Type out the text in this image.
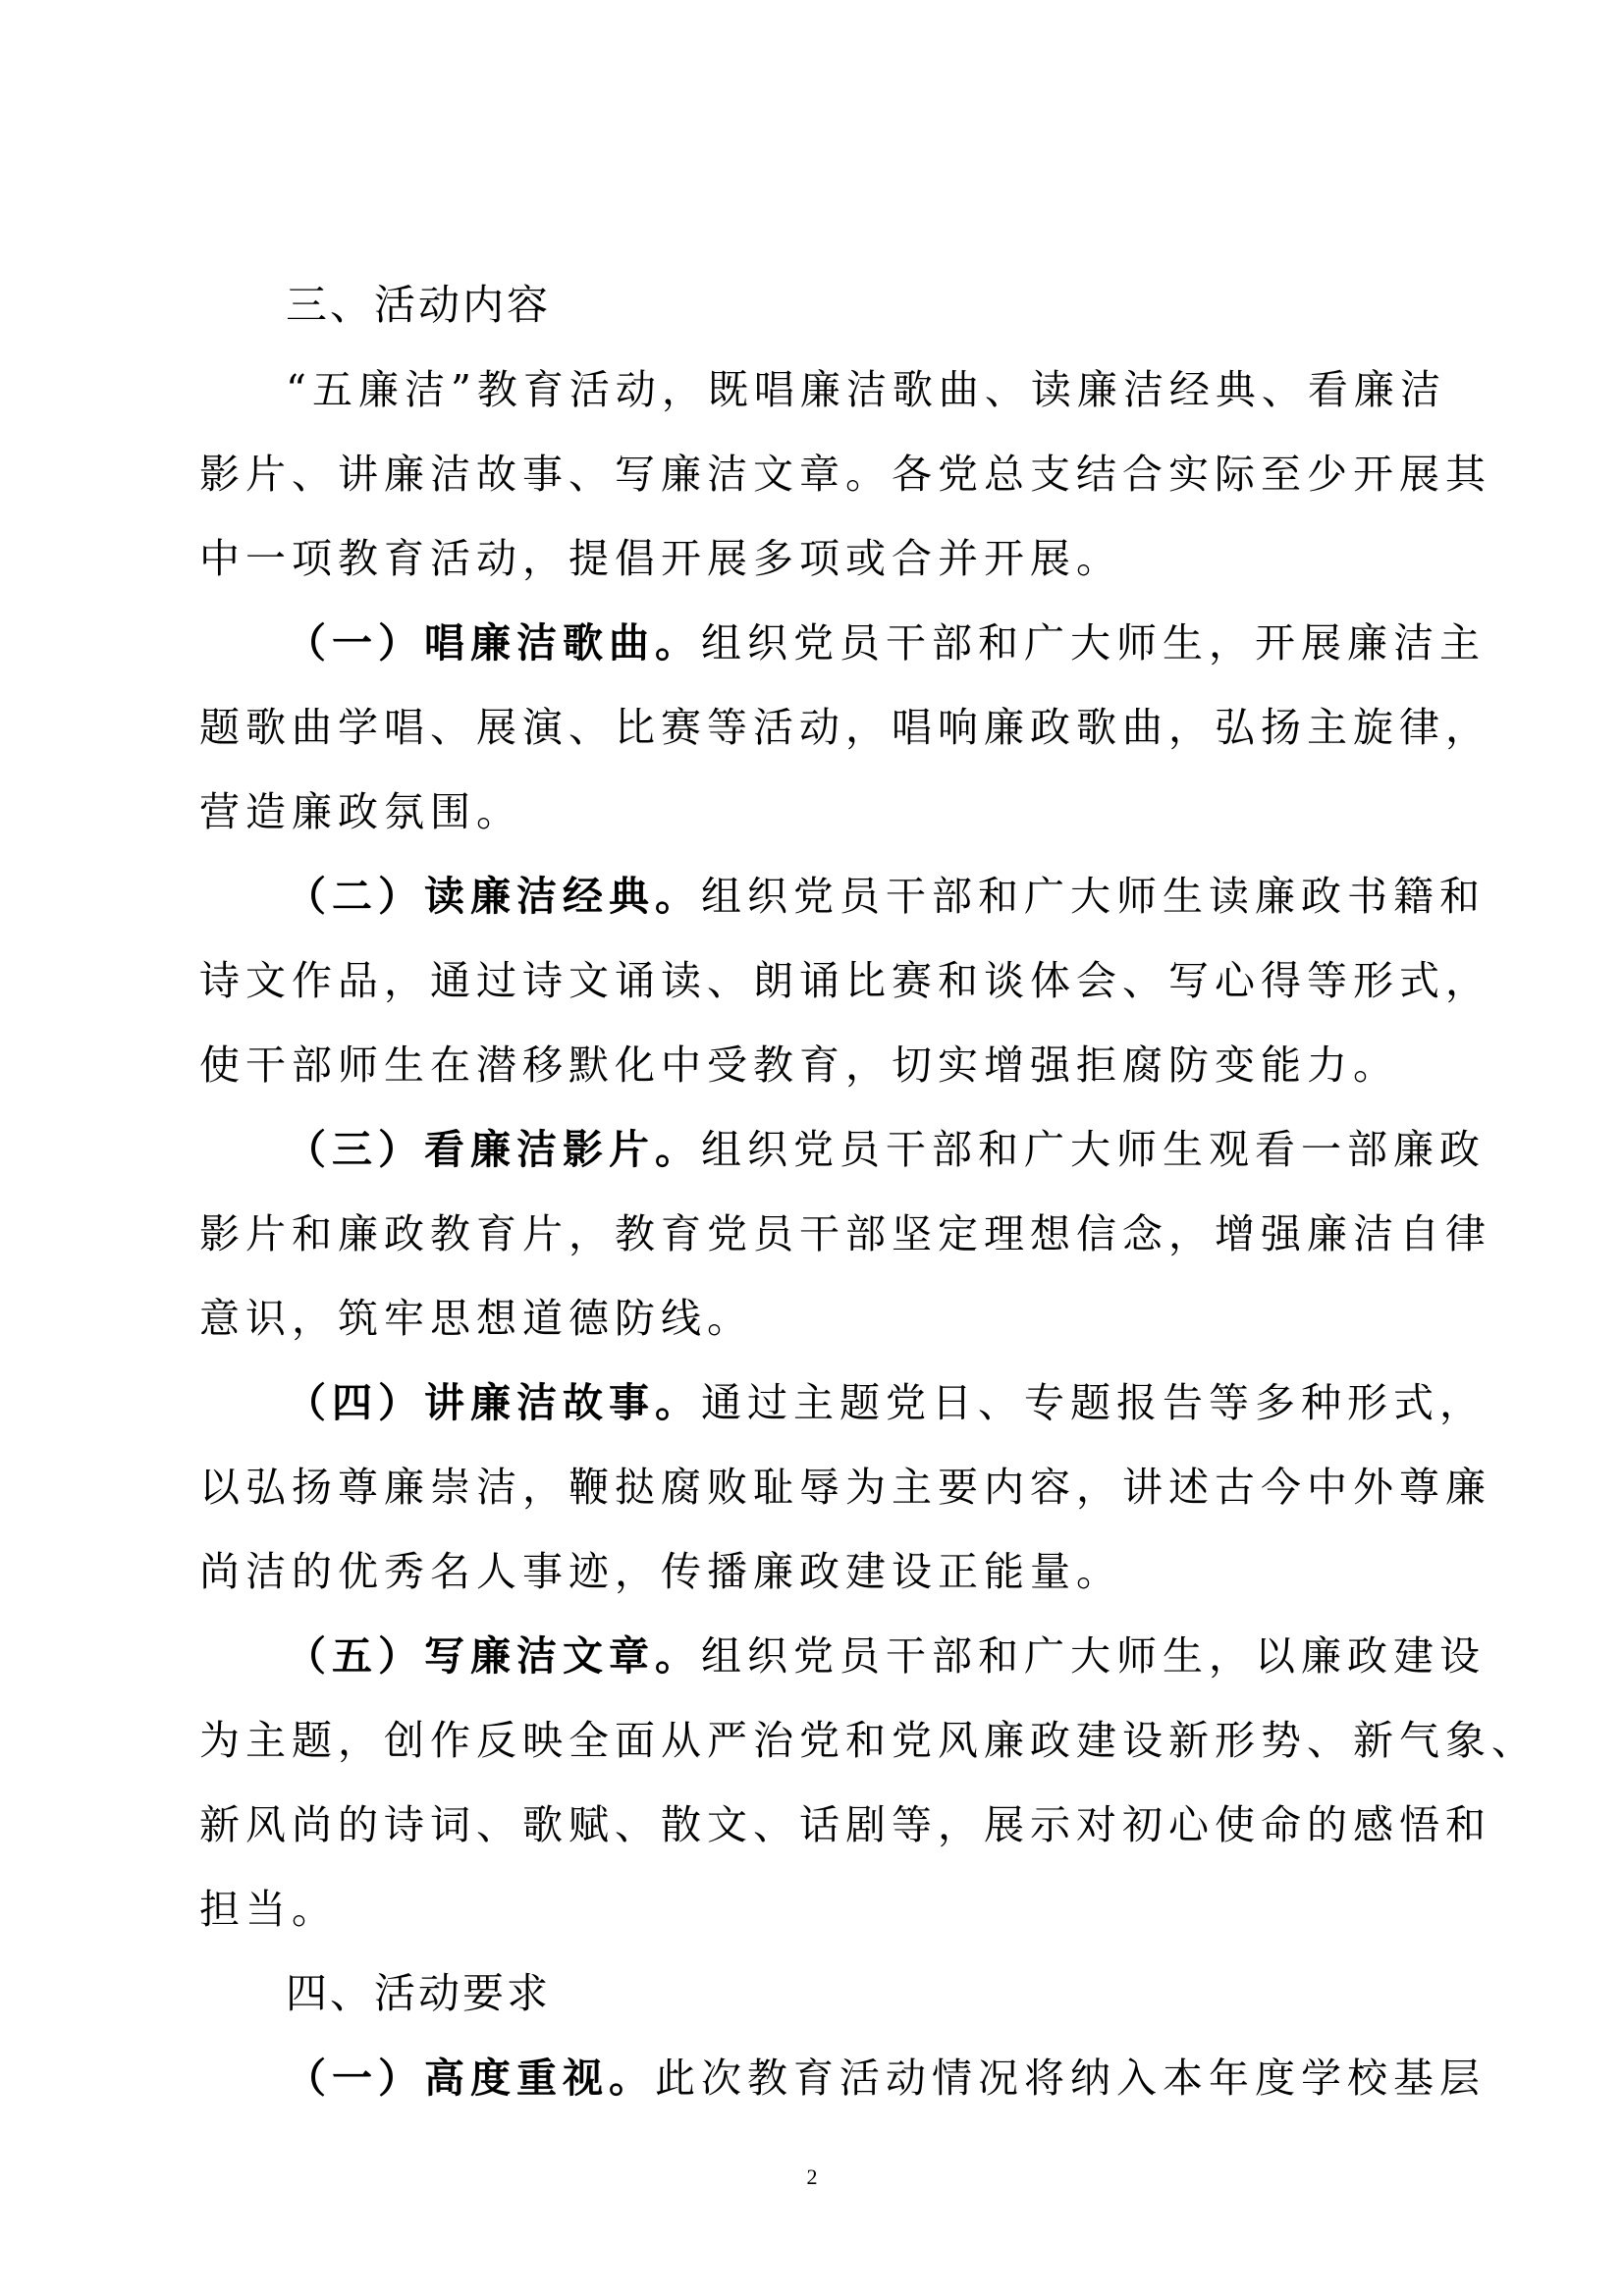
三、活动内容
“五廉洁”教育活动，既唱廉洁歌曲、读廉洁经典、看廉洁
影片、讲廉洁故事、写廉洁文章。各党总支结合实际至少开展其
中一项教育活动，提倡开展多项或合并开展。
（一）唱廉洁歌曲。组织党员干部和广大师生，开展廉洁主
题歌曲学唱、展演、比赛等活动，唱响廉政歌曲，弘扬主旋律，
营造廉政氛围。
（二）读廉洁经典。组织党员干部和广大师生读廉政书籍和
诗文作品，通过诗文诵读、朗诵比赛和谈体会、写心得等形式，
使干部师生在潜移默化中受教育，切实增强拒腐防变能力。
（三）看廉洁影片。组织党员干部和广大师生观看一部廉政
影片和廉政教育片，教育党员干部坚定理想信念，增强廉洁自律
意识，筑牢思想道德防线。
（四）讲廉洁故事。通过主题党日、专题报告等多种形式，
以弘扬尊廉崇洁，鞭挞腐败耻辱为主要内容，讲述古今中外尊廉
尚洁的优秀名人事迹，传播廉政建设正能量。
（五）写廉洁文章。组织党员干部和广大师生，以廉政建设
为主题，创作反映全面从严治党和党风廉政建设新形势、新气象、
新风尚的诗词、歌赋、散文、话剧等，展示对初心使命的感悟和
担当。
四、活动要求
（一）高度重视。此次教育活动情况将纳入本年度学校基层
2
